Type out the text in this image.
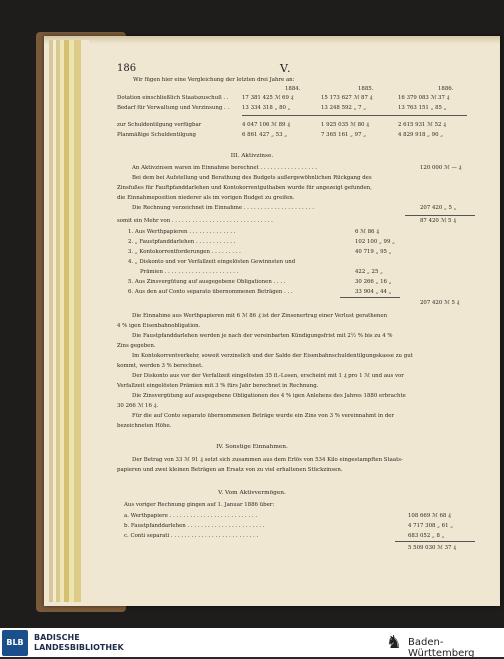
186	V.
Wir fügen hier eine Vergleichung der letzten drei Jahre an:
1884.	1885.	1886.
Dotation einschließlich Staatszuschuß . . 17 381 425 ℳ 69 ₰	15 173 627 ℳ 87 ₰	16 379 083 ℳ 37 ₰
Bedarf für Verwaltung und Verzinsung . . 13 334 318 „ 80 „	13 248 592 „ 7 „	13 763 151 „ 85 „
zur Schuldentilgung verfügbar	4 047 106 ℳ 89 ₰	1 925 035 ℳ 80 ₰	2 615 931 ℳ 52 ₰
Planmäßige Schuldentilgung	6 861 427 „ 53 „	7 365 161 „ 97 „	4 829 918 „ 90 „
III. Aktivzinse.
An Aktivzinsen waren im Einnahme berechnet . . . . . . . . . . . . . . . . .	120 000 ℳ — ₰
Bei dem bei Aufstellung und Berathung des Budgets außergewöhnlichen Rückgang des
Zinsfußes für Fauftpfanddarlehen und Kontokorrentguthaben wurde für angezeigt gefunden,
die Einnahmeposition niederer als im vorigen Budget zu greifen.
Die Rechnung verzeichnet im Einnahme . . . . . . . . . . . . . . . . . . . . .	207 420 „ 5 „
somit ein Mehr von . . . . . . . . . . . . . . . . . . . . . . . . . . . . . .	87 420 ℳ 5 ₰
1. Aus Werthpapieren . . . . . . . . . . . . . .	6 ℳ 86 ₰
2. „ Faustpfanddarlehen . . . . . . . . . . . .	102 100 „ 99 „
3. „ Kontokorrentforderungen . . . . . . . . .	40 719 „ 95 „
4. „ Diskonto und vor Verfallzeit eingelösten Gewinnsten und
Prämien . . . . . . . . . . . . . . . . . . . . . .	422 „ 25 „
5. Aus Zinsvergütung auf ausgegebene Obligationen . . . .	30 266 „ 16 „
6. Aus den auf Conto separato übernommenen Beträgen . . .	33 904 „ 44 „
207 420 ℳ 5 ₰
Die Einnahme aus Werthpapieren mit 6 ℳ 86 ₰ ist der Zinsenertrag einer Verlust gerathenen
4 % igen Eisenbahnobligation.
Die Faustpfanddarlehen werden je nach der vereinbarten Kündigungsfrist mit 2½ % bis zu 4 %
Zins gegeben.
Im Kontokorrentverkehr, soweit verzinslich und der Saldo der Eisenbahnschuldentilgungskasse zu gut
kommt, werden 3 % berechnet.
Der Diskonto aus vor der Verfallzeit eingelösten 35 fl.-Losen, erscheint mit 1 ₰ pro 1 ℳ und aus vor
Verfallzeit eingelösten Prämien mit 3 % fürs Jahr berechnet in Rechnung.
Die Zinsvergütung auf ausgegebene Obligationen des 4 % igen Anlehens des Jahres 1880 erbrachte
30 266 ℳ 16 ₰.
Für die auf Conto separato übernommenen Beträge wurde ein Zins von 3 % vereinnahmt in der
bezeichneten Höhe.
IV. Sonstige Einnahmen.
Der Betrag von 33 ℳ 91 ₰ setzt sich zusammen aus dem Erlös von 534 Kilo eingestampften Staats-
papieren und zwei kleinen Beträgen an Ersatz von zu viel erhaltenen Stückzinsen.
V. Vom Aktivvermögen.
Aus voriger Rechnung gingen auf 1. Januar 1886 über:
a. Werthpapiere . . . . . . . . . . . . . . . . . . . . . . . . . .	108 669 ℳ 68 ₰
b. Faustpfanddarlehen . . . . . . . . . . . . . . . . . . . . . . .	4 717 308 „ 61 „
c. Conti separati . . . . . . . . . . . . . . . . . . . . . . . . . .	683 052 „ 8 „
5 509 030 ℳ 37 ₰
BLB
BADISCHE
LANDESBIBLIOTHEK	♞ Baden-Württemberg
